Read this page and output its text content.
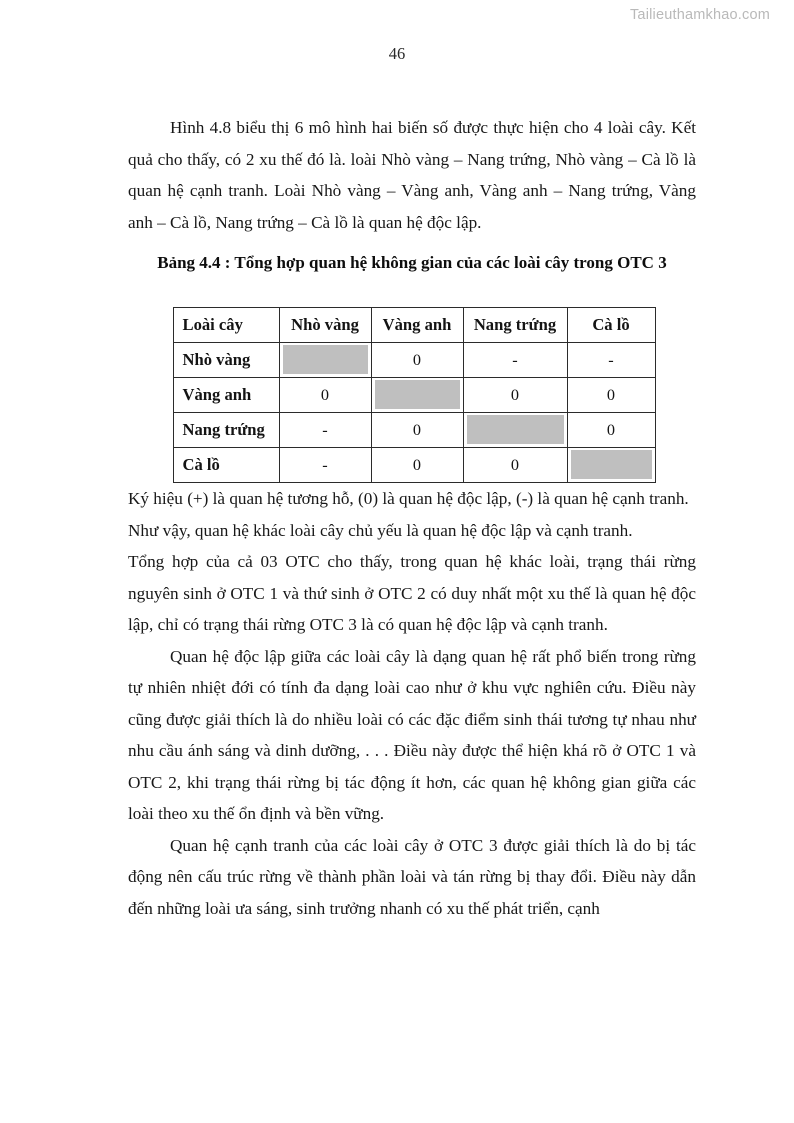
Tailieuthamkhao.com
46

Hình 4.8 biểu thị 6 mô hình hai biến số được thực hiện cho 4 loài cây. Kết quả cho thấy, có 2 xu thế đó là. loài Nhò vàng – Nang trứng, Nhò vàng – Cà lồ là quan hệ cạnh tranh. Loài Nhò vàng – Vàng anh, Vàng anh – Nang trứng, Vàng anh – Cà lồ, Nang trứng – Cà lồ là quan hệ độc lập.

Bảng 4.4 : Tổng hợp quan hệ không gian của các loài cây trong OTC 3
Loài cây	Nhò vàng	Vàng anh	Nang trứng	Cà lồ
Nhò vàng		0	-	-
Vàng anh	0		0	0
Nang trứng	-	0		0
Cà lồ	-	0	0	

Ký hiệu (+) là quan hệ tương hỗ, (0) là quan hệ độc lập, (-) là quan hệ cạnh tranh.

Như vậy, quan hệ khác loài cây chủ yếu là quan hệ độc lập và cạnh tranh.

Tổng hợp của cả 03 OTC cho thấy, trong quan hệ khác loài, trạng thái rừng nguyên sinh ở OTC 1 và thứ sinh ở OTC 2 có duy nhất một xu thế là quan hệ độc lập, chỉ có trạng thái rừng OTC 3 là có quan hệ độc lập và cạnh tranh.

Quan hệ độc lập giữa các loài cây là dạng quan hệ rất phổ biến trong rừng tự nhiên nhiệt đới có tính đa dạng loài cao như ở khu vực nghiên cứu. Điều này cũng được giải thích là do nhiều loài có các đặc điểm sinh thái tương tự nhau như nhu cầu ánh sáng và dinh dưỡng, . . . Điều này được thể hiện khá rõ ở OTC 1 và OTC 2, khi trạng thái rừng bị tác động ít hơn, các quan hệ không gian giữa các loài theo xu thế ổn định và bền vững.

Quan hệ cạnh tranh của các loài cây ở OTC 3 được giải thích là do bị tác động nên cấu trúc rừng về thành phần loài và tán rừng bị thay đổi. Điều này dẫn đến những loài ưa sáng, sinh trưởng nhanh có xu thế phát triển, cạnh
